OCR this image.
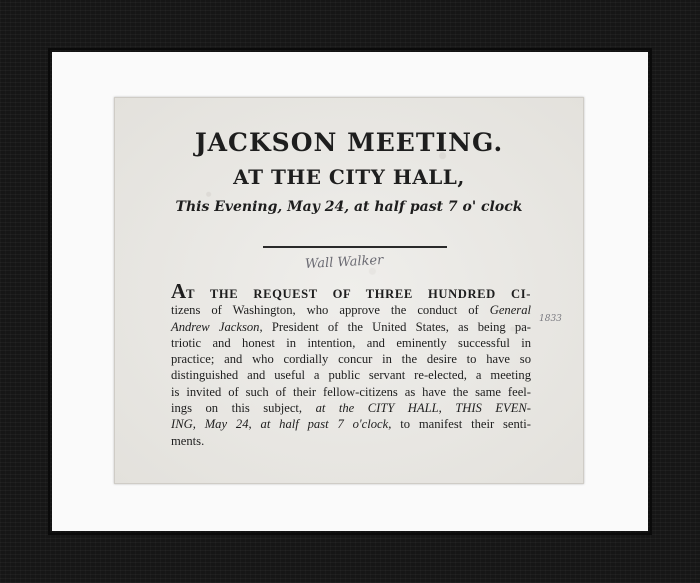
JACKSON MEETING.
AT THE CITY HALL,
This Evening, May 24, at half past 7 o' clock
Wall Walker
1833
AT THE REQUEST OF THREE HUNDRED CI-
tizens of Washington, who approve the conduct of General
Andrew Jackson, President of the United States, as being pa-
triotic and honest in intention, and eminently successful in
practice; and who cordially concur in the desire to have so
distinguished and useful a public servant re-elected, a meeting
is invited of such of their fellow-citizens as have the same feel-
ings on this subject, at the CITY HALL, THIS EVEN-
ING, May 24, at half past 7 o'clock, to manifest their senti-
ments.
